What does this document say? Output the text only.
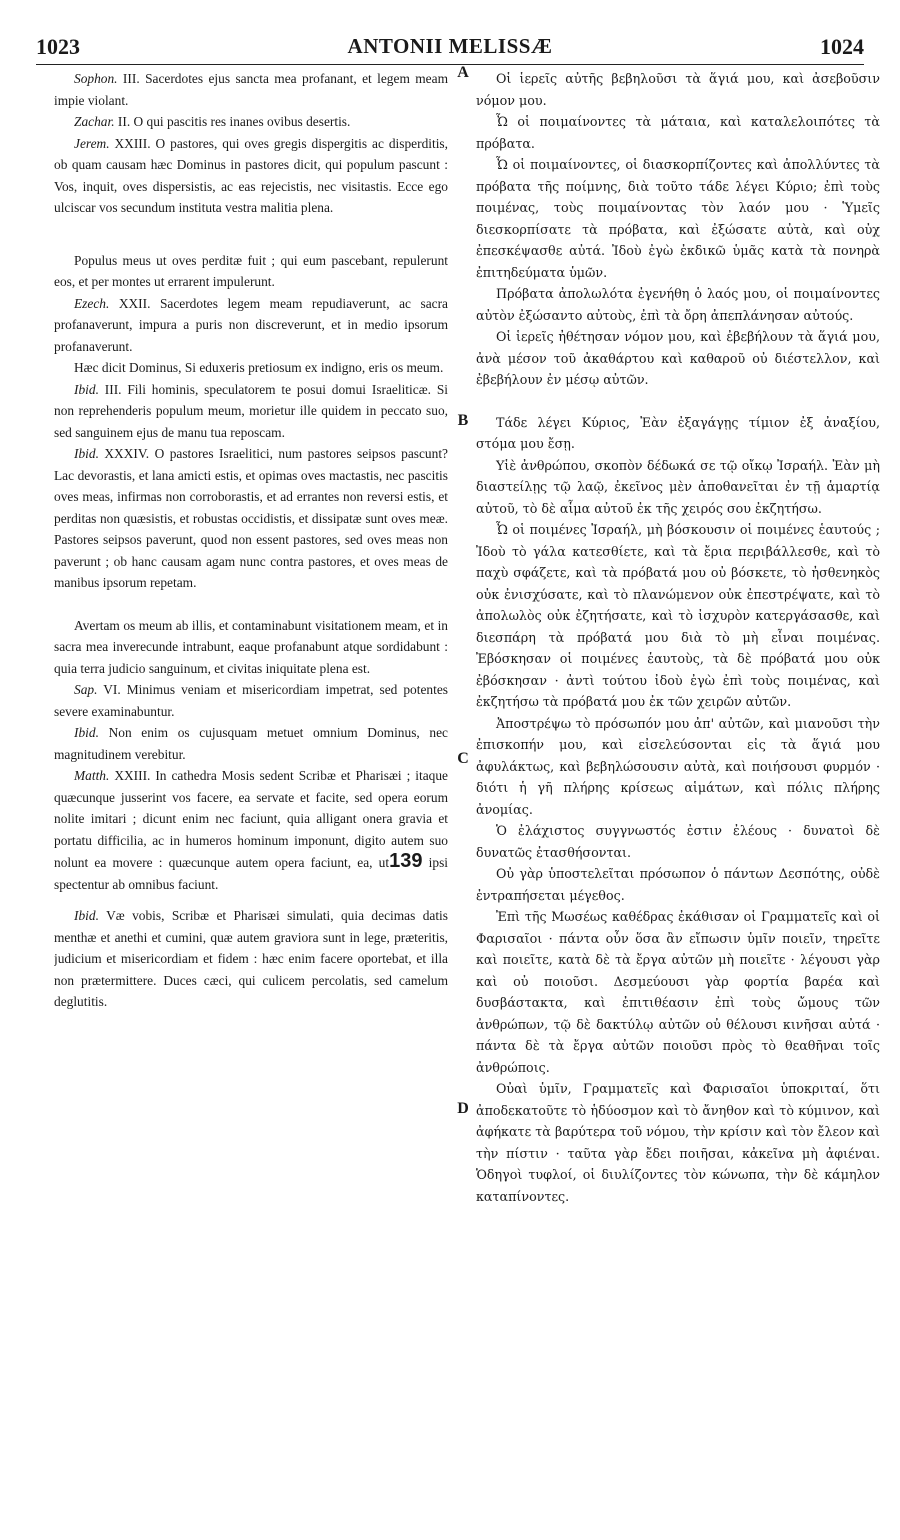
1023	ANTONII MELISSÆ	1024

Sophon. III. Sacerdotes ejus sancta mea profanant, et legem meam impie violant.

Zachar. II. O qui pascitis res inanes ovibus desertis.

Jerem. XXIII. O pastores, qui oves gregis dispergitis ac disperditis, ob quam causam hæc Dominus in pastores dicit, qui populum pascunt : Vos, inquit, oves dispersistis, ac eas rejecistis, nec visitastis. Ecce ego ulciscar vos secundum instituta vestra malitia plena.

Populus meus ut oves perditæ fuit ; qui eum pascebant, repulerunt eos, et per montes ut errarent impulerunt.

Ezech. XXII. Sacerdotes legem meam repudiaverunt, ac sacra profanaverunt, impura a puris non discreverunt, et in medio ipsorum profanaverunt.

Hæc dicit Dominus, Si eduxeris pretiosum ex indigno, eris os meum.

Ibid. III. Fili hominis, speculatorem te posui domui Israeliticæ. Si non reprehenderis populum meum, morietur ille quidem in peccato suo, sed sanguinem ejus de manu tua reposcam.

Ibid. XXXIV. O pastores Israelitici, num pastores seipsos pascunt? Lac devorastis, et lana amicti estis, et opimas oves mactastis, nec pascitis oves meas, infirmas non corroborastis, et ad errantes non reversi estis, et perditas non quæsistis, et robustas occidistis, et dissipatæ sunt oves meæ. Pastores seipsos paverunt, quod non essent pastores, sed oves meas non paverunt ; ob hanc causam agam nunc contra pastores, et oves meas de manibus ipsorum repetam.

Avertam os meum ab illis, et contaminabunt visitationem meam, et in sacra mea inverecunde intrabunt, eaque profanabunt atque sordidabunt : quia terra judicio sanguinum, et civitas iniquitate plena est.

Sap. VI. Minimus veniam et misericordiam impetrat, sed potentes severe examinabuntur.

Ibid. Non enim os cujusquam metuet omnium Dominus, nec magnitudinem verebitur.

Matth. XXIII. In cathedra Mosis sedent Scribæ et Pharisæi ; itaque quæcunque jusserint vos facere, ea servate et facite, sed opera eorum nolite imitari ; dicunt enim nec faciunt, quia alligant onera gravia et portatu difficilia, ac in humeros hominum imponunt, digito autem suo nolunt ea movere : quæcunque autem opera faciunt, ea, ut139 ipsi spectentur ab omnibus faciunt.

Ibid. Væ vobis, Scribæ et Pharisæi simulati, quia decimas datis menthæ et anethi et cumini, quæ autem graviora sunt in lege, præteritis, judicium et misericordiam et fidem : hæc enim facere oportebat, et illa non prætermittere. Duces cæci, qui culicem percolatis, sed camelum deglutitis.

A
B
C
D

Οἱ ἱερεῖς αὐτῆς βεβηλοῦσι τὰ ἅγιά μου, καὶ ἀσεβοῦσιν νόμον μου.

Ὦ οἱ ποιμαίνοντες τὰ μάταια, καὶ καταλελοιπότες τὰ πρόβατα.

Ὦ οἱ ποιμαίνοντες, οἱ διασκορπίζοντες καὶ ἀπολλύντες τὰ πρόβατα τῆς ποίμνης, διὰ τοῦτο τάδε λέγει Κύριο; ἐπὶ τοὺς ποιμένας, τοὺς ποιμαίνοντας τὸν λαόν μου · Ὑμεῖς διεσκορπίσατε τὰ πρόβατα, καὶ ἐξώσατε αὐτὰ, καὶ οὐχ ἐπεσκέψασθε αὐτά. Ἰδοὺ ἐγὼ ἐκδικῶ ὑμᾶς κατὰ τὰ πονηρὰ ἐπιτηδεύματα ὑμῶν.

Πρόβατα ἀπολωλότα ἐγενήθη ὁ λαός μου, οἱ ποιμαίνοντες αὐτὸν ἐξώσαντο αὐτοὺς, ἐπὶ τὰ ὄρη ἀπεπλάνησαν αὐτούς.

Οἱ ἱερεῖς ἠθέτησαν νόμον μου, καὶ ἐβεβήλουν τὰ ἅγιά μου, ἀνὰ μέσον τοῦ ἀκαθάρτου καὶ καθαροῦ οὐ διέστελλον, καὶ ἐβεβήλουν ἐν μέσῳ αὐτῶν.

Τάδε λέγει Κύριος, Ἐὰν ἐξαγάγῃς τίμιον ἐξ ἀναξίου, στόμα μου ἔσῃ.

Υἱὲ ἀνθρώπου, σκοπὸν δέδωκά σε τῷ οἴκῳ Ἰσραήλ. Ἐὰν μὴ διαστείλῃς τῷ λαῷ, ἐκεῖνος μὲν ἀποθανεῖται ἐν τῇ ἁμαρτίᾳ αὐτοῦ, τὸ δὲ αἷμα αὐτοῦ ἐκ τῆς χειρός σου ἐκζητήσω.

Ὦ οἱ ποιμένες Ἰσραήλ, μὴ βόσκουσιν οἱ ποιμένες ἑαυτούς ; Ἰδοὺ τὸ γάλα κατεσθίετε, καὶ τὰ ἔρια περιβάλλεσθε, καὶ τὸ παχὺ σφάζετε, καὶ τὰ πρόβατά μου οὐ βόσκετε, τὸ ἠσθενηκὸς οὐκ ἐνισχύσατε, καὶ τὸ πλανώμενον οὐκ ἐπεστρέψατε, καὶ τὸ ἀπολωλὸς οὐκ ἐζητήσατε, καὶ τὸ ἰσχυρὸν κατεργάσασθε, καὶ διεσπάρη τὰ πρόβατά μου διὰ τὸ μὴ εἶναι ποιμένας. Ἐβόσκησαν οἱ ποιμένες ἑαυτοὺς, τὰ δὲ πρόβατά μου οὐκ ἐβόσκησαν · ἀντὶ τούτου ἰδοὺ ἐγὼ ἐπὶ τοὺς ποιμένας, καὶ ἐκζητήσω τὰ πρόβατά μου ἐκ τῶν χειρῶν αὐτῶν.

Ἀποστρέψω τὸ πρόσωπόν μου ἀπ' αὐτῶν, καὶ μιανοῦσι τὴν ἐπισκοπήν μου, καὶ εἰσελεύσονται εἰς τὰ ἅγιά μου ἀφυλάκτως, καὶ βεβηλώσουσιν αὐτὰ, καὶ ποιήσουσι φυρμόν · διότι ἡ γῆ πλήρης κρίσεως αἱμάτων, καὶ πόλις πλήρης ἀνομίας.

Ὁ ἐλάχιστος συγγνωστός ἐστιν ἐλέους · δυνατοὶ δὲ δυνατῶς ἐτασθήσονται.

Οὐ γὰρ ὑποστελεῖται πρόσωπον ὁ πάντων Δεσπότης, οὐδὲ ἐντραπήσεται μέγεθος.

Ἐπὶ τῆς Μωσέως καθέδρας ἐκάθισαν οἱ Γραμματεῖς καὶ οἱ Φαρισαῖοι · πάντα οὖν ὅσα ἂν εἴπωσιν ὑμῖν ποιεῖν, τηρεῖτε καὶ ποιεῖτε, κατὰ δὲ τὰ ἔργα αὐτῶν μὴ ποιεῖτε · λέγουσι γὰρ καὶ οὐ ποιοῦσι. Δεσμεύουσι γὰρ φορτία βαρέα καὶ δυσβάστακτα, καὶ ἐπιτιθέασιν ἐπὶ τοὺς ὤμους τῶν ἀνθρώπων, τῷ δὲ δακτύλῳ αὐτῶν οὐ θέλουσι κινῆσαι αὐτά · πάντα δὲ τὰ ἔργα αὐτῶν ποιοῦσι πρὸς τὸ θεαθῆναι τοῖς ἀνθρώποις.

Οὐαὶ ὑμῖν, Γραμματεῖς καὶ Φαρισαῖοι ὑποκριταί, ὅτι ἀποδεκατοῦτε τὸ ἡδύοσμον καὶ τὸ ἄνηθον καὶ τὸ κύμινον, καὶ ἀφήκατε τὰ βαρύτερα τοῦ νόμου, τὴν κρίσιν καὶ τὸν ἔλεον καὶ τὴν πίστιν · ταῦτα γὰρ ἔδει ποιῆσαι, κἀκεῖνα μὴ ἀφιέναι. Ὁδηγοὶ τυφλοί, οἱ διυλίζοντες τὸν κώνωπα, τὴν δὲ κάμηλον καταπίνοντες.
